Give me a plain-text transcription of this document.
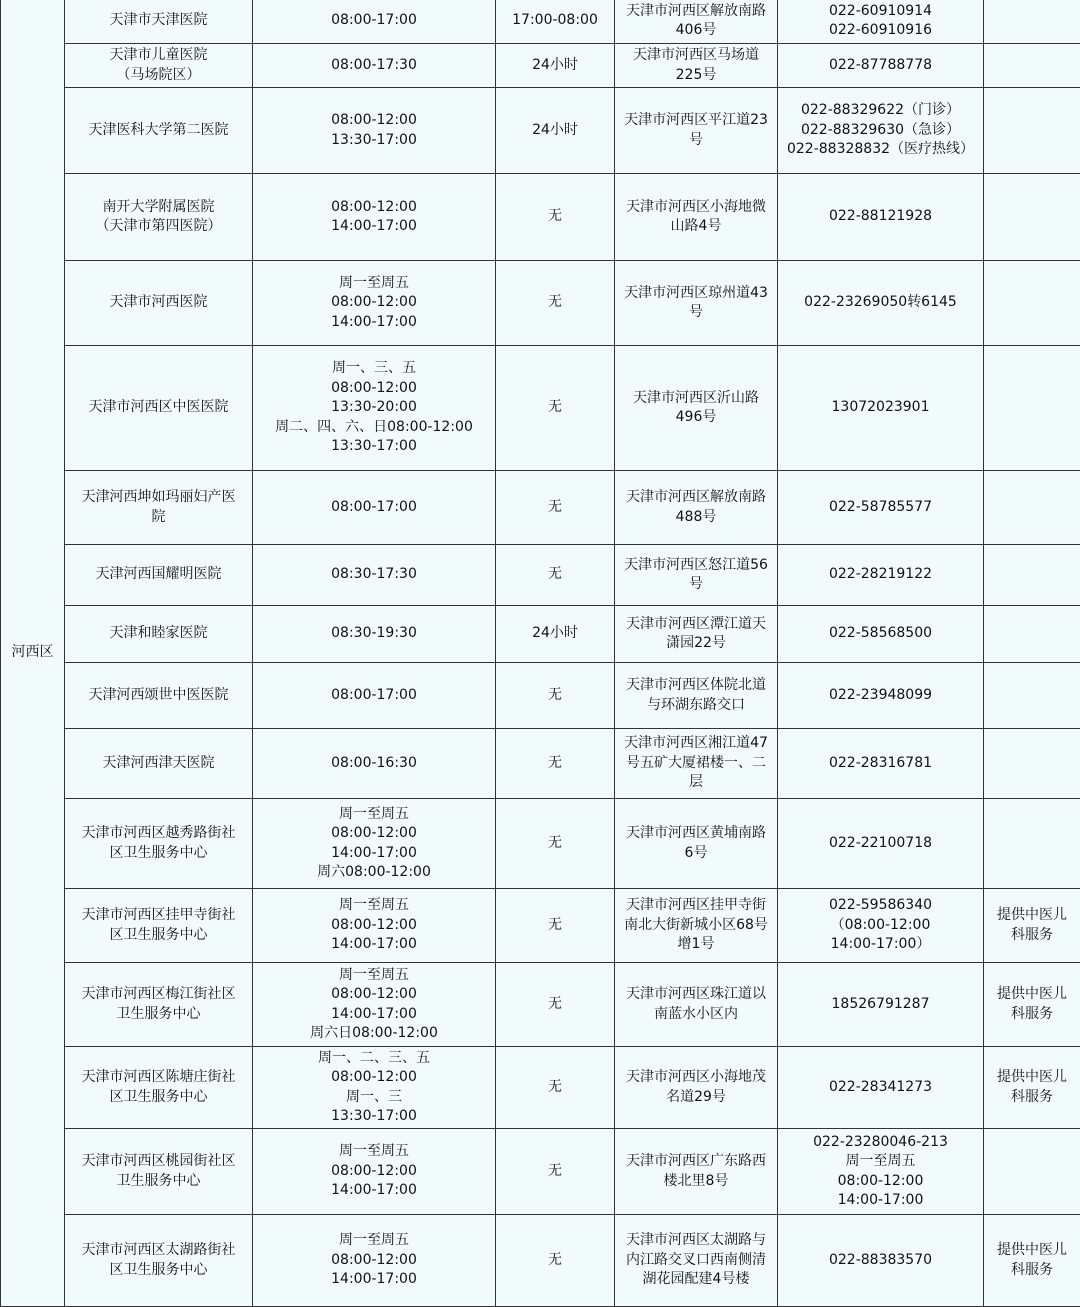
河西区	天津市天津医院	08:00-17:00	17:00-08:00	天津市河西区解放南路
406号	022-60910914
022-60910916	
	天津市儿童医院
（马场院区）	08:00-17:30	24小时	天津市河西区马场道
225号	022-87788778	
	天津医科大学第二医院	08:00-12:00
13:30-17:00	24小时	天津市河西区平江道23
号	022-88329622（门诊）
022-88329630（急诊）
022-88328832（医疗热线）	
	南开大学附属医院
（天津市第四医院）	08:00-12:00
14:00-17:00	无	天津市河西区小海地微
山路4号	022-88121928	
	天津市河西医院	周一至周五
08:00-12:00
14:00-17:00	无	天津市河西区琼州道43
号	022-23269050转6145	
	天津市河西区中医医院	周一、三、五
08:00-12:00
13:30-20:00
周二、四、六、日08:00-12:00
13:30-17:00	无	天津市河西区沂山路
496号	13072023901	
	天津河西坤如玛丽妇产医
院	08:00-17:00	无	天津市河西区解放南路
488号	022-58785577	
	天津河西国耀明医院	08:30-17:30	无	天津市河西区怒江道56
号	022-28219122	
	天津和睦家医院	08:30-19:30	24小时	天津市河西区潭江道天
潇园22号	022-58568500	
	天津河西颂世中医医院	08:00-17:00	无	天津市河西区体院北道
与环湖东路交口	022-23948099	
	天津河西津天医院	08:00-16:30	无	天津市河西区湘江道47
号五矿大厦裙楼一、二
层	022-28316781	
	天津市河西区越秀路街社
区卫生服务中心	周一至周五
08:00-12:00
14:00-17:00
周六08:00-12:00	无	天津市河西区黄埔南路
6号	022-22100718	
	天津市河西区挂甲寺街社
区卫生服务中心	周一至周五
08:00-12:00
14:00-17:00	无	天津市河西区挂甲寺街
南北大街新城小区68号
增1号	022-59586340
（08:00-12:00
14:00-17:00）	提供中医儿
科服务
	天津市河西区梅江街社区
卫生服务中心	周一至周五
08:00-12:00
14:00-17:00
周六日08:00-12:00	无	天津市河西区珠江道以
南蓝水小区内	18526791287	提供中医儿
科服务
	天津市河西区陈塘庄街社
区卫生服务中心	周一、二、三、五
08:00-12:00
周一、三
13:30-17:00	无	天津市河西区小海地茂
名道29号	022-28341273	提供中医儿
科服务
	天津市河西区桃园街社区
卫生服务中心	周一至周五
08:00-12:00
14:00-17:00	无	天津市河西区广东路西
楼北里8号	022-23280046-213
周一至周五
08:00-12:00
14:00-17:00	
	天津市河西区太湖路街社
区卫生服务中心	周一至周五
08:00-12:00
14:00-17:00	无	天津市河西区太湖路与
内江路交叉口西南侧清
湖花园配建4号楼	022-88383570	提供中医儿
科服务
